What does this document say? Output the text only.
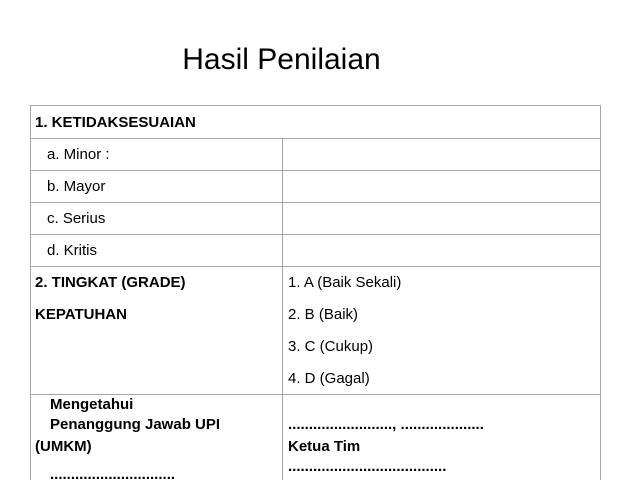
Hasil Penilaian
1. KETIDAKSESUAIAN
a. Minor :
b. Mayor
c. Serius
d. Kritis
2. TINGKAT (GRADE)
KEPATUHAN
1. A (Baik Sekali)
2. B (Baik)
3. C (Cukup)
4. D (Gagal)
Mengetahui
Penanggung Jawab UPI
(UMKM)
..............................
........................., ....................
Ketua Tim
......................................
